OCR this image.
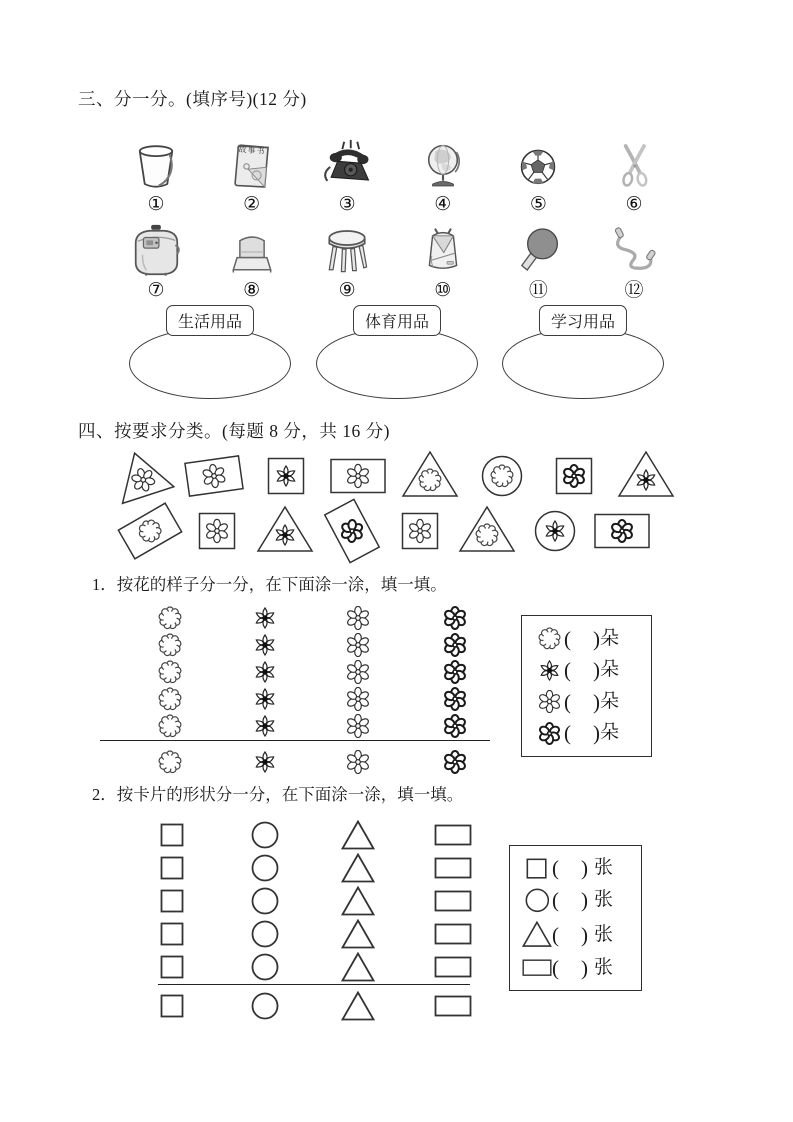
三、分一分。(填序号)(12 分)
①
故事书
②	③	④	⑤	⑥
⑦	⑧	⑨	⑩	⑪	⑫
生活用品	体育用品	学习用品
四、按要求分类。(每题 8 分，共 16 分)
1．按花的样子分一分，在下面涂一涂，填一填。
( ) 朵
( ) 朵
( ) 朵
( ) 朵
2．按卡片的形状分一分，在下面涂一涂，填一填。
( ) 张
( ) 张
( ) 张
( ) 张
